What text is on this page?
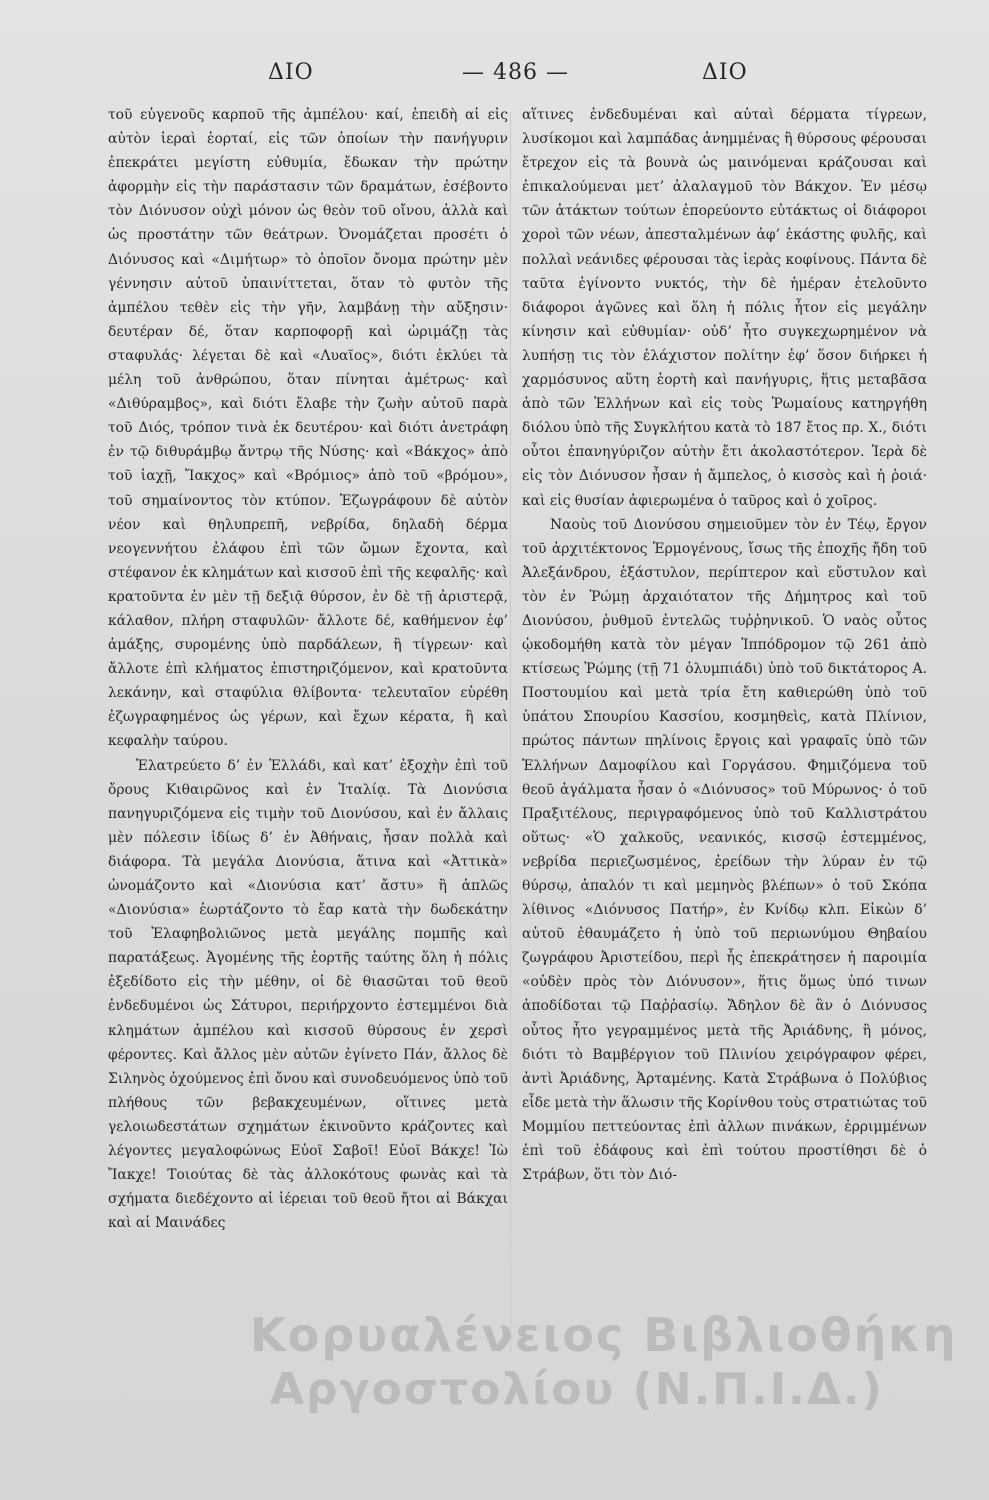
ΔΙΟ	— 486 —	ΔΙΟ

τοῦ εὐγενοῦς καρποῦ τῆς ἀμπέλου· καί, ἐπειδὴ αἱ εἰς αὐτὸν ἱεραὶ ἑορταί, εἰς τῶν ὁποίων τὴν πανήγυριν ἐπεκράτει μεγίστη εὐθυμία, ἔδωκαν τὴν πρώτην ἀφορμὴν εἰς τὴν παράστασιν τῶν δραμάτων, ἐσέβοντο τὸν Διόνυσον οὐχὶ μόνον ὡς θεὸν τοῦ οἴνου, ἀλλὰ καὶ ὡς προστάτην τῶν θεάτρων. Ὀνομάζεται προσέτι ὁ Διόνυσος καὶ «Διμήτωρ» τὸ ὁποῖον ὄνομα πρώτην μὲν γέννησιν αὐτοῦ ὑπαινίττεται, ὅταν τὸ φυτὸν τῆς ἀμπέλου τεθὲν εἰς τὴν γῆν, λαμβάνῃ τὴν αὔξησιν· δευτέραν δέ, ὅταν καρποφορῇ καὶ ὡριμάζῃ τὰς σταφυλάς· λέγεται δὲ καὶ «Λυαῖος», διότι ἐκλύει τὰ μέλη τοῦ ἀνθρώπου, ὅταν πίνηται ἀμέτρως· καὶ «Διθύραμβος», καὶ διότι ἔλαβε τὴν ζωὴν αὐτοῦ παρὰ τοῦ Διός, τρόπον τινὰ ἐκ δευτέρου· καὶ διότι ἀνετράφη ἐν τῷ διθυράμβῳ ἄντρῳ τῆς Νύσης· καὶ «Βάκχος» ἀπὸ τοῦ ἰαχῇ, Ἴακχος» καὶ «Βρόμιος» ἀπὸ τοῦ «βρόμου», τοῦ σημαίνοντος τὸν κτύπον. Ἐζωγράφουν δὲ αὐτὸν νέον καὶ θηλυπρεπῆ, νεβρίδα, δηλαδὴ δέρμα νεογεννήτου ἐλάφου ἐπὶ τῶν ὤμων ἔχοντα, καὶ στέφανον ἐκ κλημάτων καὶ κισσοῦ ἐπὶ τῆς κεφαλῆς· καὶ κρατοῦντα ἐν μὲν τῇ δεξιᾷ θύρσον, ἐν δὲ τῇ ἀριστερᾷ, κάλαθον, πλήρη σταφυλῶν· ἄλλοτε δέ, καθήμενον ἐφ’ ἁμάξης, συρομένης ὑπὸ παρδάλεων, ἢ τίγρεων· καὶ ἄλλοτε ἐπὶ κλήματος ἐπιστηριζόμενον, καὶ κρατοῦντα λεκάνην, καὶ σταφύλια θλίβοντα· τελευταῖον εὑρέθη ἐζωγραφημένος ὡς γέρων, καὶ ἔχων κέρατα, ἢ καὶ κεφαλὴν ταύρου.

Ἐλατρεύετο δ’ ἐν Ἑλλάδι, καὶ κατ’ ἐξοχὴν ἐπὶ τοῦ ὄρους Κιθαιρῶνος καὶ ἐν Ἰταλίᾳ. Τὰ Διονύσια πανηγυριζόμενα εἰς τιμὴν τοῦ Διονύσου, καὶ ἐν ἄλλαις μὲν πόλεσιν ἰδίως δ’ ἐν Ἀθήναις, ἦσαν πολλὰ καὶ διάφορα. Τὰ μεγάλα Διονύσια, ἅτινα καὶ «Ἀττικὰ» ὠνομάζοντο καὶ «Διονύσια κατ’ ἄστυ» ἢ ἁπλῶς «Διονύσια» ἑωρτάζοντο τὸ ἔαρ κατὰ τὴν δωδεκάτην τοῦ Ἐλαφηβολιῶνος μετὰ μεγάλης πομπῆς καὶ παρατάξεως. Ἀγομένης τῆς ἑορτῆς ταύτης ὅλη ἡ πόλις ἐξεδίδοτο εἰς τὴν μέθην, οἱ δὲ θιασῶται τοῦ θεοῦ ἐνδεδυμένοι ὡς Σάτυροι, περιήρχοντο ἐστεμμένοι διὰ κλημάτων ἀμπέλου καὶ κισσοῦ θύρσους ἐν χερσὶ φέροντες. Καὶ ἄλλος μὲν αὐτῶν ἐγίνετο Πάν, ἄλλος δὲ Σιληνὸς ὀχούμενος ἐπὶ ὄνου καὶ συνοδευόμενος ὑπὸ τοῦ πλήθους τῶν βεβακχευμένων, οἵτινες μετὰ γελοιωδεστάτων σχημάτων ἐκινοῦντο κράζοντες καὶ λέγοντες μεγαλοφώνως Εὐοῖ Σαβοῖ! Εὐοῖ Βάκχε! Ἰὼ Ἴακχε! Τοιούτας δὲ τὰς ἀλλοκότους φωνὰς καὶ τὰ σχήματα διεδέχοντο αἱ ἱέρειαι τοῦ θεοῦ ἤτοι αἱ Βάκχαι καὶ αἱ Μαινάδες

αἵτινες ἐνδεδυμέναι καὶ αὐταὶ δέρματα τίγρεων, λυσίκομοι καὶ λαμπάδας ἀνημμένας ἢ θύρσους φέρουσαι ἔτρεχον εἰς τὰ βουνὰ ὡς μαινόμεναι κράζουσαι καὶ ἐπικαλούμεναι μετ’ ἀλαλαγμοῦ τὸν Βάκχον. Ἐν μέσῳ τῶν ἀτάκτων τούτων ἐπορεύοντο εὐτάκτως οἱ διάφοροι χοροὶ τῶν νέων, ἀπεσταλμένων ἀφ’ ἑκάστης φυλῆς, καὶ πολλαὶ νεάνιδες φέρουσαι τὰς ἱερὰς κοφίνους. Πάντα δὲ ταῦτα ἐγίνοντο νυκτός, τὴν δὲ ἡμέραν ἐτελοῦντο διάφοροι ἀγῶνες καὶ ὅλη ἡ πόλις ἦτον εἰς μεγάλην κίνησιν καὶ εὐθυμίαν· οὐδ’ ἦτο συγκεχωρημένον νὰ λυπήσῃ τις τὸν ἐλάχιστον πολίτην ἐφ’ ὅσον διήρκει ἡ χαρμόσυνος αὕτη ἑορτὴ καὶ πανήγυρις, ἥτις μεταβᾶσα ἀπὸ τῶν Ἑλλήνων καὶ εἰς τοὺς Ῥωμαίους κατηργήθη διόλου ὑπὸ τῆς Συγκλήτου κατὰ τὸ 187 ἔτος πρ. Χ., διότι οὗτοι ἐπανηγύριζον αὐτὴν ἔτι ἀκολαστότερον. Ἱερὰ δὲ εἰς τὸν Διόνυσον ἦσαν ἡ ἄμπελος, ὁ κισσὸς καὶ ἡ ῥοιά· καὶ εἰς θυσίαν ἀφιερωμένα ὁ ταῦρος καὶ ὁ χοῖρος.

Ναοὺς τοῦ Διονύσου σημειοῦμεν τὸν ἐν Τέῳ, ἔργον τοῦ ἀρχιτέκτονος Ἑρμογένους, ἴσως τῆς ἐποχῆς ἤδη τοῦ Ἀλεξάνδρου, ἑξάστυλον, περίπτερον καὶ εὔστυλον καὶ τὸν ἐν Ῥώμῃ ἀρχαιότατον τῆς Δήμητρος καὶ τοῦ Διονύσου, ῥυθμοῦ ἐντελῶς τυῤῥηνικοῦ. Ὁ ναὸς οὗτος ᾠκοδομήθη κατὰ τὸν μέγαν Ἱππόδρομον τῷ 261 ἀπὸ κτίσεως Ῥώμης (τῇ 71 ὀλυμπιάδι) ὑπὸ τοῦ δικτάτορος Α. Ποστουμίου καὶ μετὰ τρία ἔτη καθιερώθη ὑπὸ τοῦ ὑπάτου Σπουρίου Κασσίου, κοσμηθεὶς, κατὰ Πλίνιον, πρώτος πάντων πηλίνοις ἔργοις καὶ γραφαῖς ὑπὸ τῶν Ἑλλήνων Δαμοφίλου καὶ Γοργάσου. Φημιζόμενα τοῦ θεοῦ ἀγάλματα ἦσαν ὁ «Διόνυσος» τοῦ Μύρωνος· ὁ τοῦ Πραξιτέλους, περιγραφόμενος ὑπὸ τοῦ Καλλιστράτου οὕτως· «Ὁ χαλκοῦς, νεανικός, κισσῷ ἐστεμμένος, νεβρίδα περιεζωσμένος, ἐρείδων τὴν λύραν ἐν τῷ θύρσῳ, ἁπαλόν τι καὶ μεμηνὸς βλέπων» ὁ τοῦ Σκόπα λίθινος «Διόνυσος Πατήρ», ἐν Κνίδῳ κλπ. Εἰκὼν δ’ αὐτοῦ ἐθαυμάζετο ἡ ὑπὸ τοῦ περιωνύμου Θηβαίου ζωγράφου Ἀριστείδου, περὶ ἧς ἐπεκράτησεν ἡ παροιμία «οὐδὲν πρὸς τὸν Διόνυσον», ἥτις ὅμως ὑπό τινων ἀποδίδοται τῷ Παῤῥασίῳ. Ἄδηλον δὲ ἂν ὁ Διόνυσος οὗτος ἦτο γεγραμμένος μετὰ τῆς Ἀριάδνης, ἢ μόνος, διότι τὸ Βαμβέργιον τοῦ Πλινίου χειρόγραφον φέρει, ἀντὶ Ἀριάδνης, Ἀρταμένης. Κατὰ Στράβωνα ὁ Πολύβιος εἶδε μετὰ τὴν ἅλωσιν τῆς Κορίνθου τοὺς στρατιώτας τοῦ Μομμίου πεττεύοντας ἐπὶ ἀλλων πινάκων, ἐρριμμένων ἐπὶ τοῦ ἐδάφους καὶ ἐπὶ τούτου προστίθησι δὲ ὁ Στράβων, ὅτι τὸν Διό-

Κορυαλένειος Βιβλιοθήκη
Αργοστολίου (Ν.Π.Ι.Δ.)
